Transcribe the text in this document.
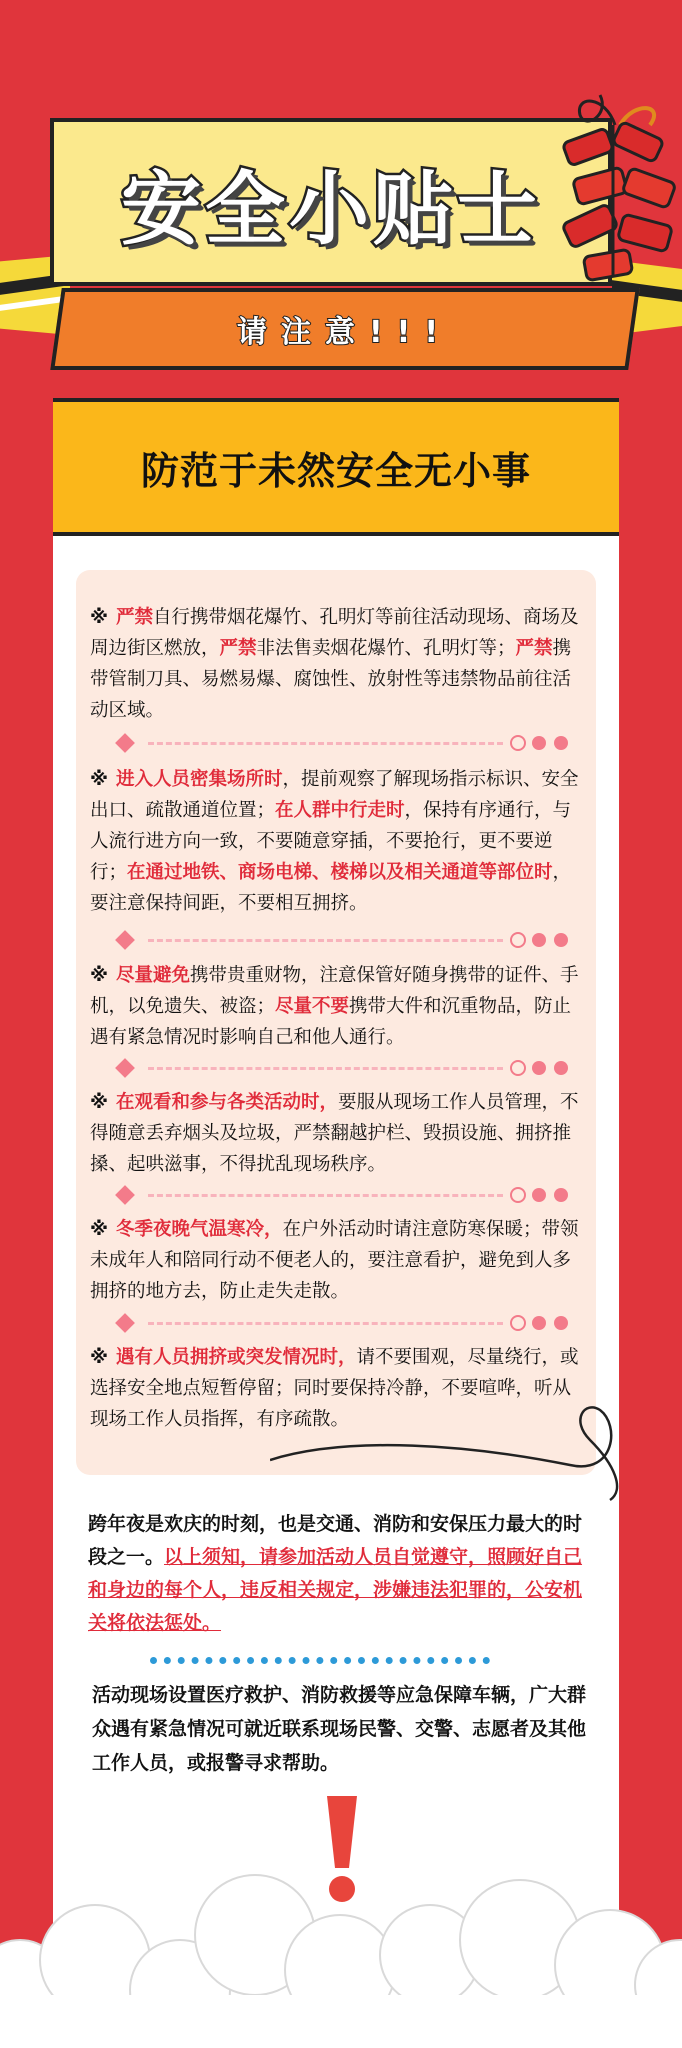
安全小贴士
请注意!!!
防范于未然安全无小事
※ 严禁自行携带烟花爆竹、孔明灯等前往活动现场、商场及周边街区燃放，严禁非法售卖烟花爆竹、孔明灯等；严禁携带管制刀具、易燃易爆、腐蚀性、放射性等违禁物品前往活动区域。
※ 进入人员密集场所时，提前观察了解现场指示标识、安全出口、疏散通道位置；在人群中行走时，保持有序通行，与人流行进方向一致，不要随意穿插，不要抢行，更不要逆行；在通过地铁、商场电梯、楼梯以及相关通道等部位时，要注意保持间距，不要相互拥挤。
※ 尽量避免携带贵重财物，注意保管好随身携带的证件、手机，以免遗失、被盗；尽量不要携带大件和沉重物品，防止遇有紧急情况时影响自己和他人通行。
※ 在观看和参与各类活动时，要服从现场工作人员管理，不得随意丢弃烟头及垃圾，严禁翻越护栏、毁损设施、拥挤推搡、起哄滋事，不得扰乱现场秩序。
※ 冬季夜晚气温寒冷，在户外活动时请注意防寒保暖；带领未成年人和陪同行动不便老人的，要注意看护，避免到人多拥挤的地方去，防止走失走散。
※ 遇有人员拥挤或突发情况时，请不要围观，尽量绕行，或选择安全地点短暂停留；同时要保持冷静，不要喧哗，听从现场工作人员指挥，有序疏散。
跨年夜是欢庆的时刻，也是交通、消防和安保压力最大的时段之一。以上须知，请参加活动人员自觉遵守，照顾好自己和身边的每个人，违反相关规定，涉嫌违法犯罪的，公安机关将依法惩处。
活动现场设置医疗救护、消防救援等应急保障车辆，广大群众遇有紧急情况可就近联系现场民警、交警、志愿者及其他工作人员，或报警寻求帮助。
